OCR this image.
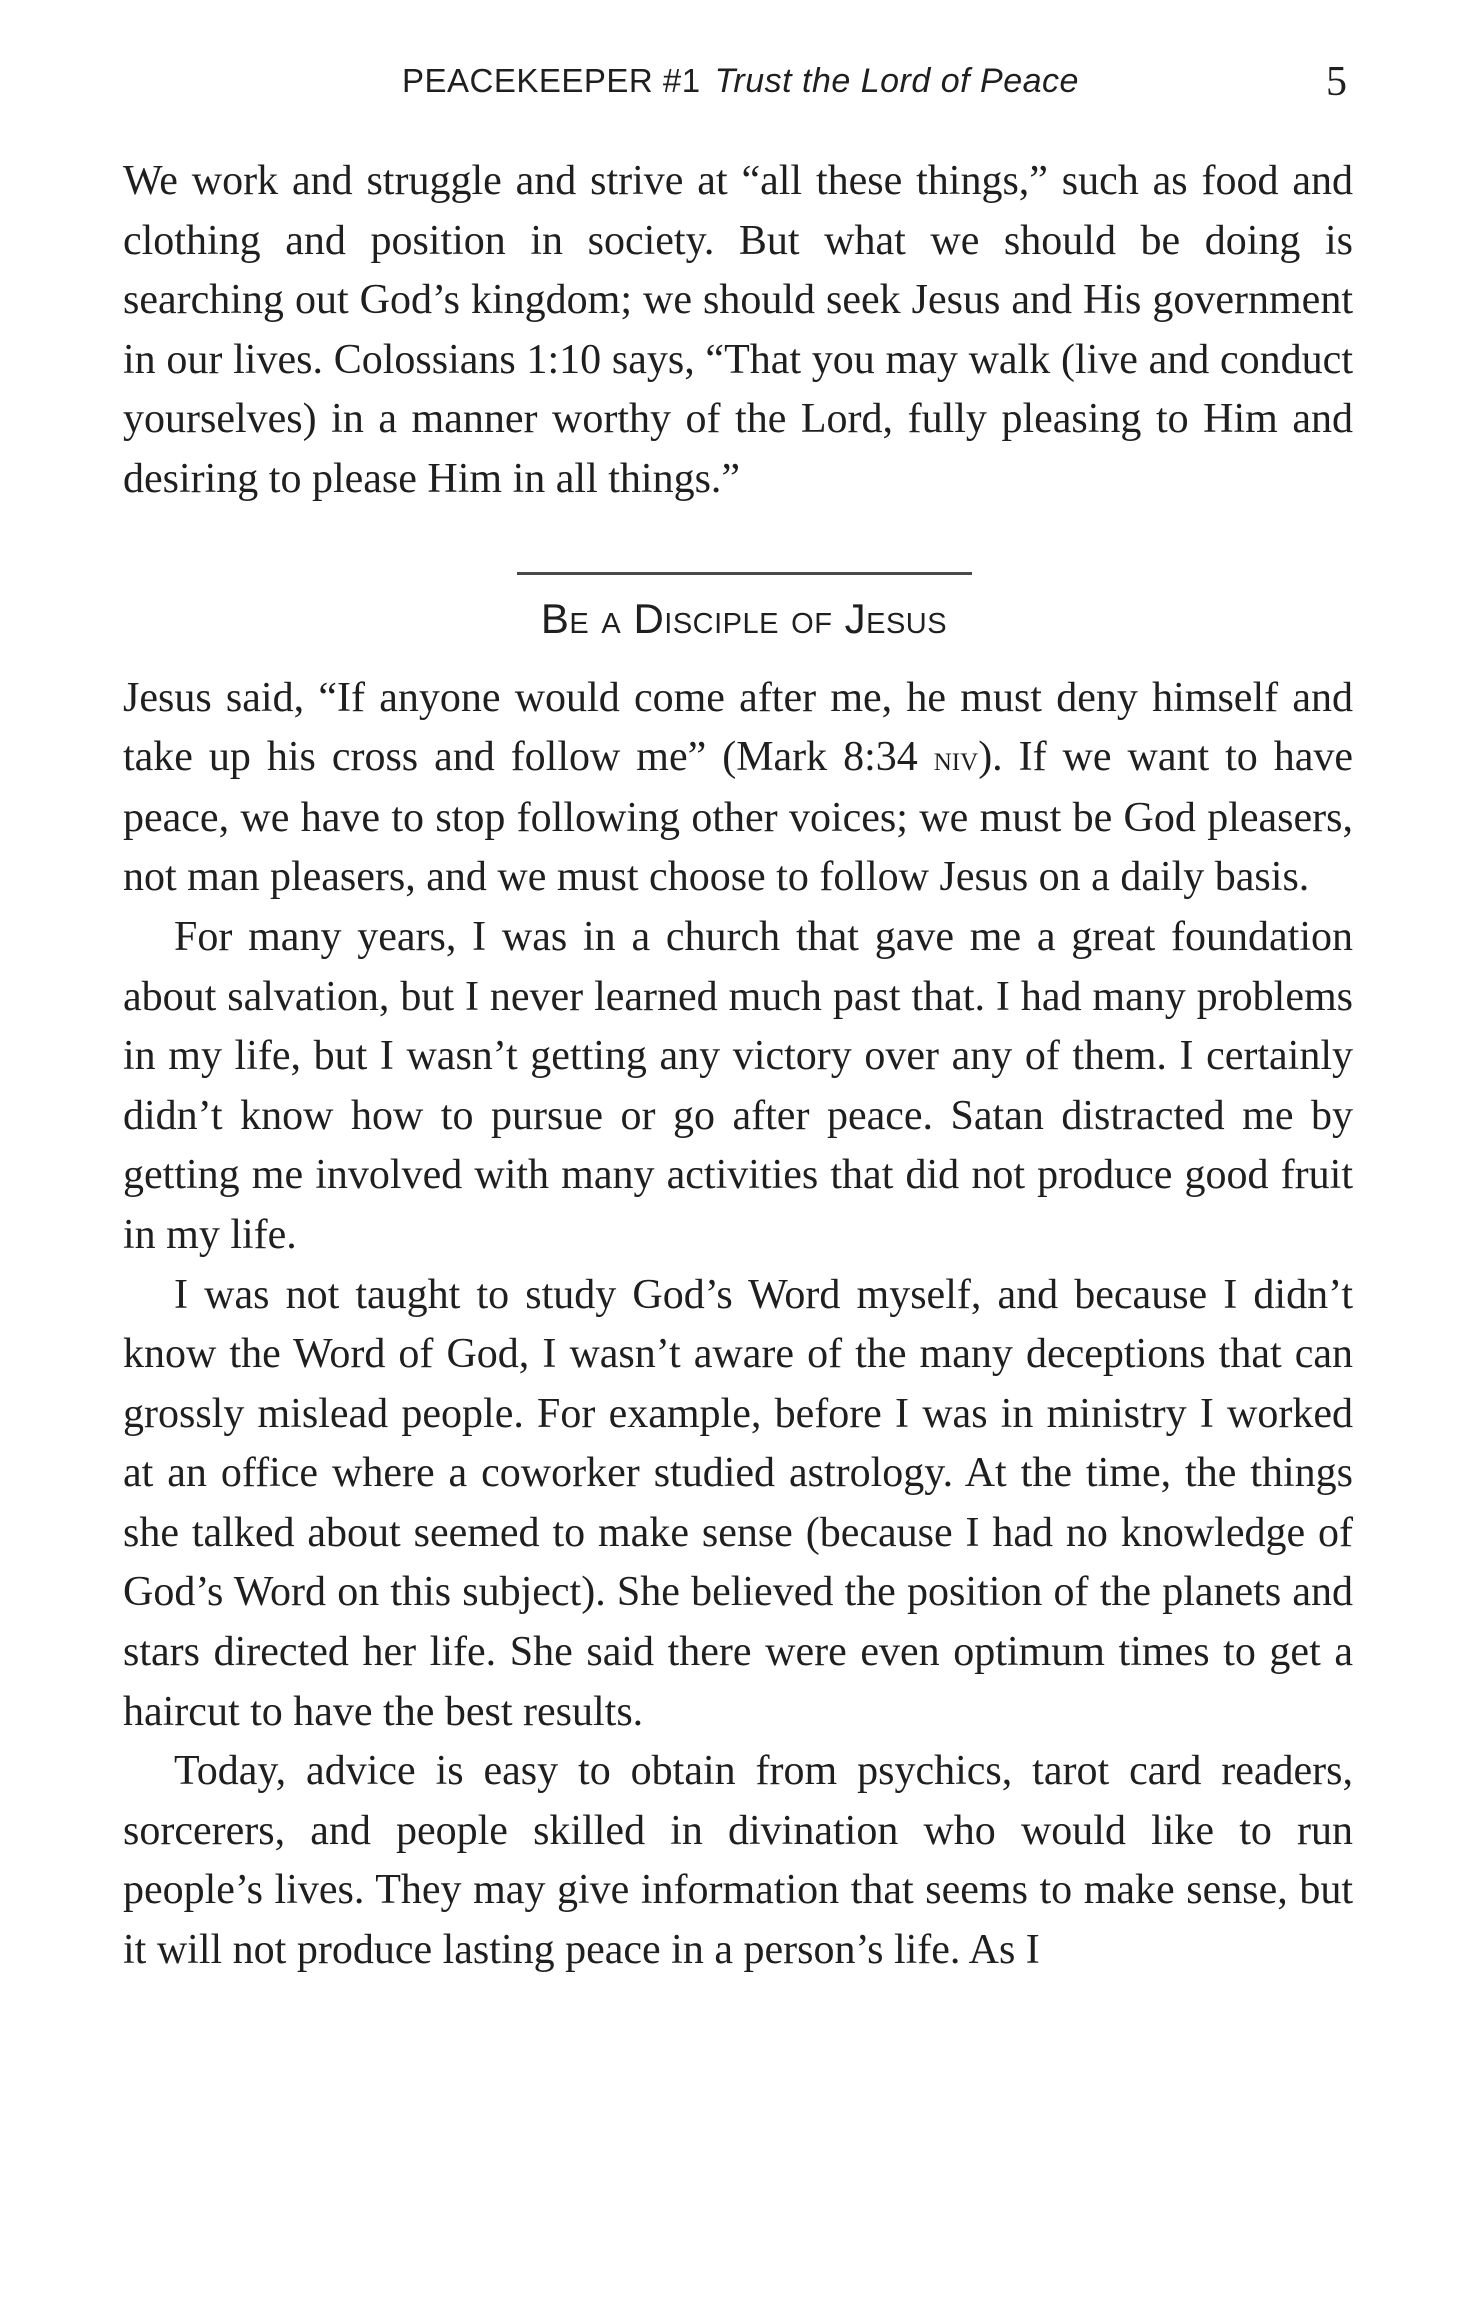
PEACEKEEPER #1 Trust the Lord of Peace	5

We work and struggle and strive at “all these things,” such as food and clothing and position in society. But what we should be doing is searching out God’s kingdom; we should seek Jesus and His government in our lives. Colossians 1:10 says, “That you may walk (live and conduct yourselves) in a manner worthy of the Lord, fully pleasing to Him and desiring to please Him in all things.”

Be a Disciple of Jesus

Jesus said, “If anyone would come after me, he must deny himself and take up his cross and follow me” (Mark 8:34 niv). If we want to have peace, we have to stop following other voices; we must be God pleasers, not man pleasers, and we must choose to follow Jesus on a daily basis.

For many years, I was in a church that gave me a great foundation about salvation, but I never learned much past that. I had many problems in my life, but I wasn’t getting any victory over any of them. I certainly didn’t know how to pursue or go after peace. Satan distracted me by getting me involved with many activities that did not produce good fruit in my life.

I was not taught to study God’s Word myself, and because I didn’t know the Word of God, I wasn’t aware of the many deceptions that can grossly mislead people. For example, before I was in ministry I worked at an office where a coworker studied astrology. At the time, the things she talked about seemed to make sense (because I had no knowledge of God’s Word on this subject). She believed the position of the planets and stars directed her life. She said there were even optimum times to get a haircut to have the best results.

Today, advice is easy to obtain from psychics, tarot card readers, sorcerers, and people skilled in divination who would like to run people’s lives. They may give information that seems to make sense, but it will not produce lasting peace in a person’s life. As I
